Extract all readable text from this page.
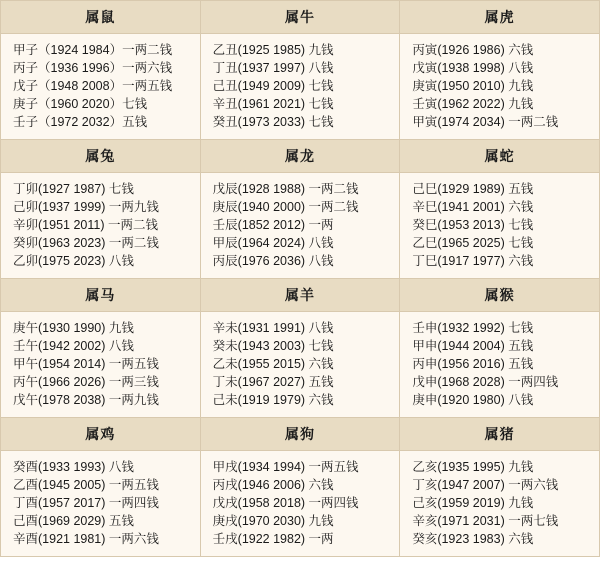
属鼠
甲子（1924 1984）一两二钱
丙子（1936 1996）一两六钱
戊子（1948 2008）一两五钱
庚子（1960 2020）七钱
壬子（1972 2032）五钱

属牛
乙丑(1925 1985) 九钱
丁丑(1937 1997) 八钱
己丑(1949 2009) 七钱
辛丑(1961 2021) 七钱
癸丑(1973 2033) 七钱

属虎
丙寅(1926 1986) 六钱
戊寅(1938 1998) 八钱
庚寅(1950 2010) 九钱
壬寅(1962 2022) 九钱
甲寅(1974 2034) 一两二钱

属兔
丁卯(1927 1987) 七钱
己卯(1937 1999) 一两九钱
辛卯(1951 2011) 一两二钱
癸卯(1963 2023) 一两二钱
乙卯(1975 2023) 八钱

属龙
戊辰(1928 1988) 一两二钱
庚辰(1940 2000) 一两二钱
壬辰(1852 2012) 一两
甲辰(1964 2024) 八钱
丙辰(1976 2036) 八钱

属蛇
己巳(1929 1989) 五钱
辛巳(1941 2001) 六钱
癸巳(1953 2013) 七钱
乙巳(1965 2025) 七钱
丁巳(1917 1977) 六钱

属马
庚午(1930 1990) 九钱
壬午(1942 2002) 八钱
甲午(1954 2014) 一两五钱
丙午(1966 2026) 一两三钱
戊午(1978 2038) 一两九钱

属羊
辛未(1931 1991) 八钱
癸未(1943 2003) 七钱
乙未(1955 2015) 六钱
丁未(1967 2027) 五钱
己未(1919 1979) 六钱

属猴
壬申(1932 1992) 七钱
甲申(1944 2004) 五钱
丙申(1956 2016) 五钱
戊申(1968 2028) 一两四钱
庚申(1920 1980) 八钱

属鸡
癸酉(1933 1993) 八钱
乙酉(1945 2005) 一两五钱
丁酉(1957 2017) 一两四钱
己酉(1969 2029) 五钱
辛酉(1921 1981) 一两六钱

属狗
甲戌(1934 1994) 一两五钱
丙戌(1946 2006) 六钱
戊戌(1958 2018) 一两四钱
庚戌(1970 2030) 九钱
壬戌(1922 1982) 一两

属猪
乙亥(1935 1995) 九钱
丁亥(1947 2007) 一两六钱
己亥(1959 2019) 九钱
辛亥(1971 2031) 一两七钱
癸亥(1923 1983) 六钱
